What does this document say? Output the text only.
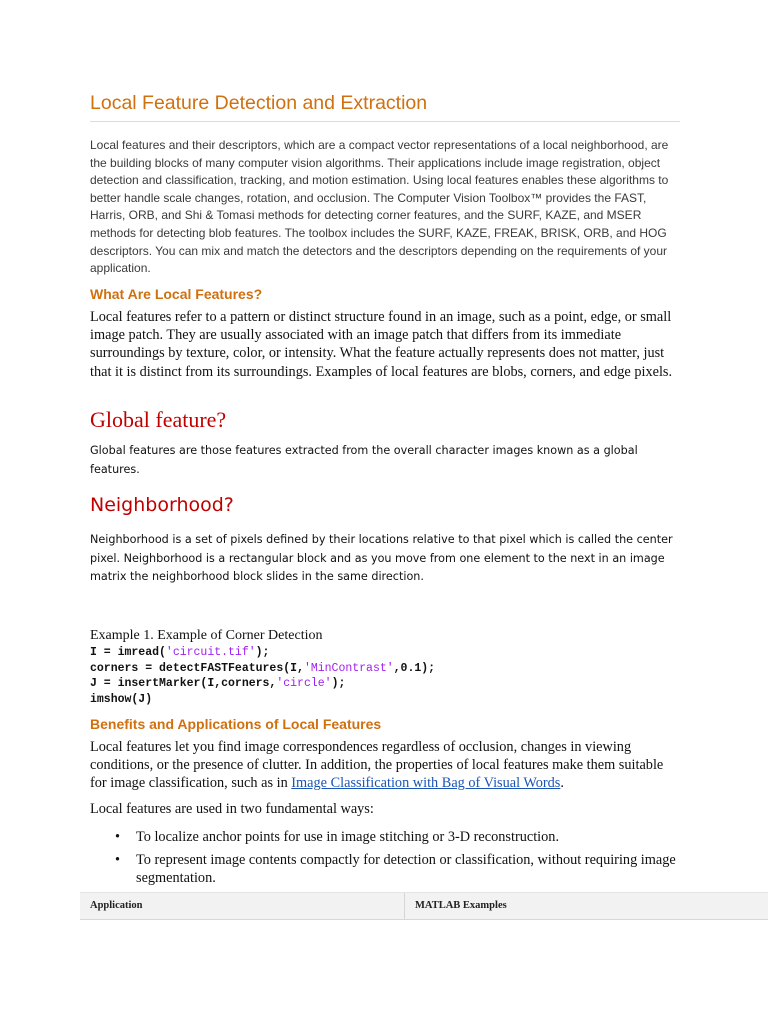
Local Feature Detection and Extraction

Local features and their descriptors, which are a compact vector representations of a local neighborhood, are the building blocks of many computer vision algorithms. Their applications include image registration, object detection and classification, tracking, and motion estimation. Using local features enables these algorithms to better handle scale changes, rotation, and occlusion. The Computer Vision Toolbox™ provides the FAST, Harris, ORB, and Shi & Tomasi methods for detecting corner features, and the SURF, KAZE, and MSER methods for detecting blob features. The toolbox includes the SURF, KAZE, FREAK, BRISK, ORB, and HOG descriptors. You can mix and match the detectors and the descriptors depending on the requirements of your application.

What Are Local Features?

Local features refer to a pattern or distinct structure found in an image, such as a point, edge, or small image patch. They are usually associated with an image patch that differs from its immediate surroundings by texture, color, or intensity. What the feature actually represents does not matter, just that it is distinct from its surroundings. Examples of local features are blobs, corners, and edge pixels.

Global feature?

Global features are those features extracted from the overall character images known as a global features.

Neighborhood?

Neighborhood is a set of pixels defined by their locations relative to that pixel which is called the center pixel. Neighborhood is a rectangular block and as you move from one element to the next in an image matrix the neighborhood block slides in the same direction.

Example 1. Example of Corner Detection

I = imread('circuit.tif');
corners = detectFASTFeatures(I,'MinContrast',0.1);
J = insertMarker(I,corners,'circle');
imshow(J)
Benefits and Applications of Local Features

Local features let you find image correspondences regardless of occlusion, changes in viewing conditions, or the presence of clutter. In addition, the properties of local features make them suitable for image classification, such as in Image Classification with Bag of Visual Words.

Local features are used in two fundamental ways:

• To localize anchor points for use in image stitching or 3-D reconstruction.
• To represent image contents compactly for detection or classification, without requiring image segmentation.
Application	MATLAB Examples
